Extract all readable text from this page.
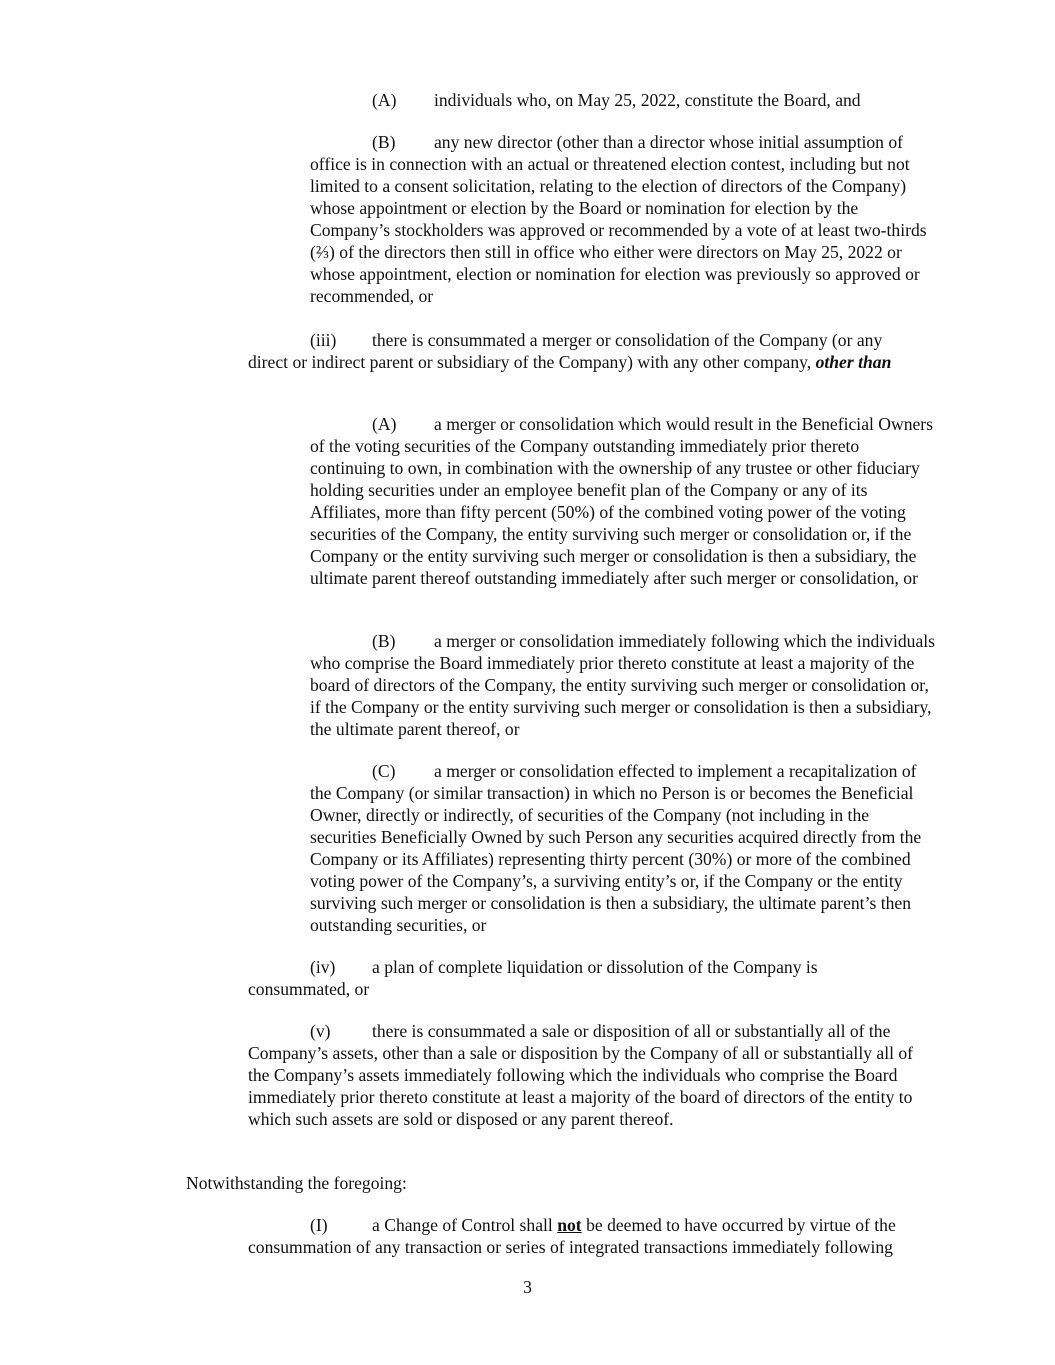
(A) individuals who, on May 25, 2022, constitute the Board, and

(B) any new director (other than a director whose initial assumption of office is in connection with an actual or threatened election contest, including but not limited to a consent solicitation, relating to the election of directors of the Company) whose appointment or election by the Board or nomination for election by the Company’s stockholders was approved or recommended by a vote of at least two-thirds (⅔) of the directors then still in office who either were directors on May 25, 2022 or whose appointment, election or nomination for election was previously so approved or recommended, or

(iii) there is consummated a merger or consolidation of the Company (or any direct or indirect parent or subsidiary of the Company) with any other company, other than

(A) a merger or consolidation which would result in the Beneficial Owners of the voting securities of the Company outstanding immediately prior thereto continuing to own, in combination with the ownership of any trustee or other fiduciary holding securities under an employee benefit plan of the Company or any of its Affiliates, more than fifty percent (50%) of the combined voting power of the voting securities of the Company, the entity surviving such merger or consolidation or, if the Company or the entity surviving such merger or consolidation is then a subsidiary, the ultimate parent thereof outstanding immediately after such merger or consolidation, or

(B) a merger or consolidation immediately following which the individuals who comprise the Board immediately prior thereto constitute at least a majority of the board of directors of the Company, the entity surviving such merger or consolidation or, if the Company or the entity surviving such merger or consolidation is then a subsidiary, the ultimate parent thereof, or

(C) a merger or consolidation effected to implement a recapitalization of the Company (or similar transaction) in which no Person is or becomes the Beneficial Owner, directly or indirectly, of securities of the Company (not including in the securities Beneficially Owned by such Person any securities acquired directly from the Company or its Affiliates) representing thirty percent (30%) or more of the combined voting power of the Company’s, a surviving entity’s or, if the Company or the entity surviving such merger or consolidation is then a subsidiary, the ultimate parent’s then outstanding securities, or

(iv) a plan of complete liquidation or dissolution of the Company is consummated, or

(v) there is consummated a sale or disposition of all or substantially all of the Company’s assets, other than a sale or disposition by the Company of all or substantially all of the Company’s assets immediately following which the individuals who comprise the Board immediately prior thereto constitute at least a majority of the board of directors of the entity to which such assets are sold or disposed or any parent thereof.

Notwithstanding the foregoing:

(I)	a Change of Control shall not be deemed to have occurred by virtue of the consummation of any transaction or series of integrated transactions immediately following

3
